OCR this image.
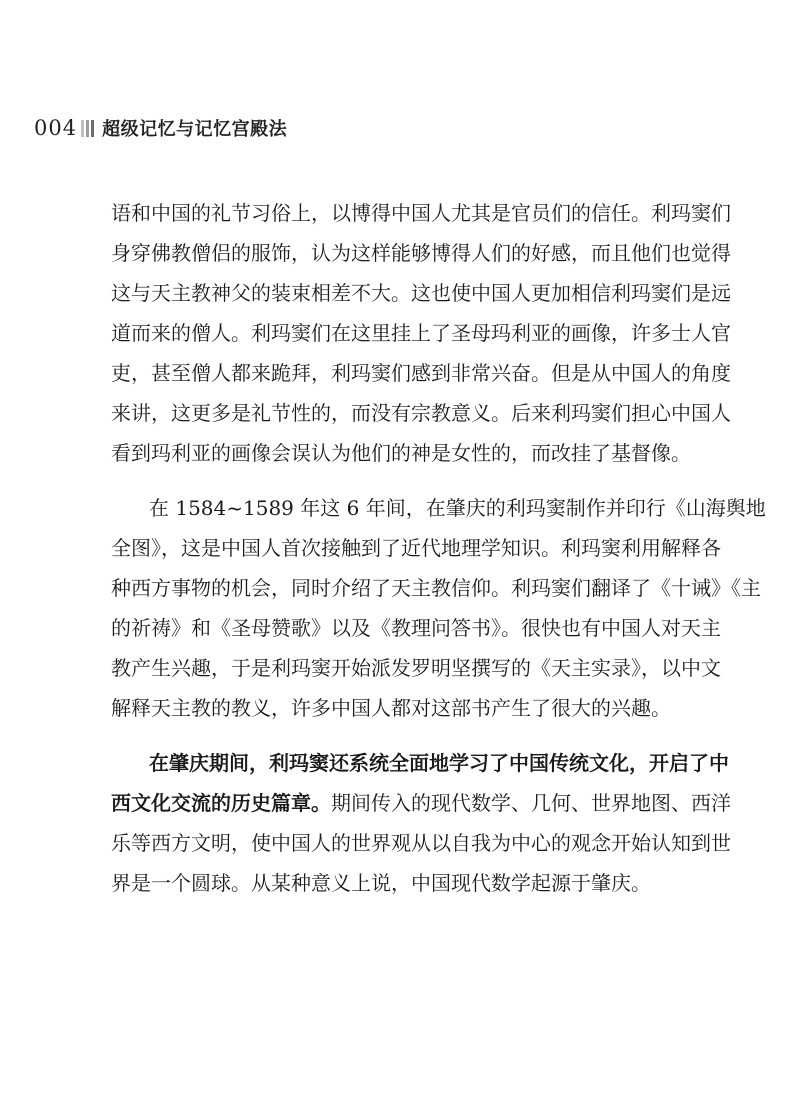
004 超级记忆与记忆宫殿法
语和中国的礼节习俗上，以博得中国人尤其是官员们的信任。利玛窦们
身穿佛教僧侣的服饰，认为这样能够博得人们的好感，而且他们也觉得
这与天主教神父的装束相差不大。这也使中国人更加相信利玛窦们是远
道而来的僧人。利玛窦们在这里挂上了圣母玛利亚的画像，许多士人官
吏，甚至僧人都来跪拜，利玛窦们感到非常兴奋。但是从中国人的角度
来讲，这更多是礼节性的，而没有宗教意义。后来利玛窦们担心中国人
看到玛利亚的画像会误认为他们的神是女性的，而改挂了基督像。
在 1584~1589 年这 6 年间，在肇庆的利玛窦制作并印行《山海舆地
全图》，这是中国人首次接触到了近代地理学知识。利玛窦利用解释各
种西方事物的机会，同时介绍了天主教信仰。利玛窦们翻译了《十诫》《主
的祈祷》和《圣母赞歌》以及《教理问答书》。很快也有中国人对天主
教产生兴趣，于是利玛窦开始派发罗明坚撰写的《天主实录》，以中文
解释天主教的教义，许多中国人都对这部书产生了很大的兴趣。
在肇庆期间，利玛窦还系统全面地学习了中国传统文化，开启了中
西文化交流的历史篇章。期间传入的现代数学、几何、世界地图、西洋
乐等西方文明，使中国人的世界观从以自我为中心的观念开始认知到世
界是一个圆球。从某种意义上说，中国现代数学起源于肇庆。
